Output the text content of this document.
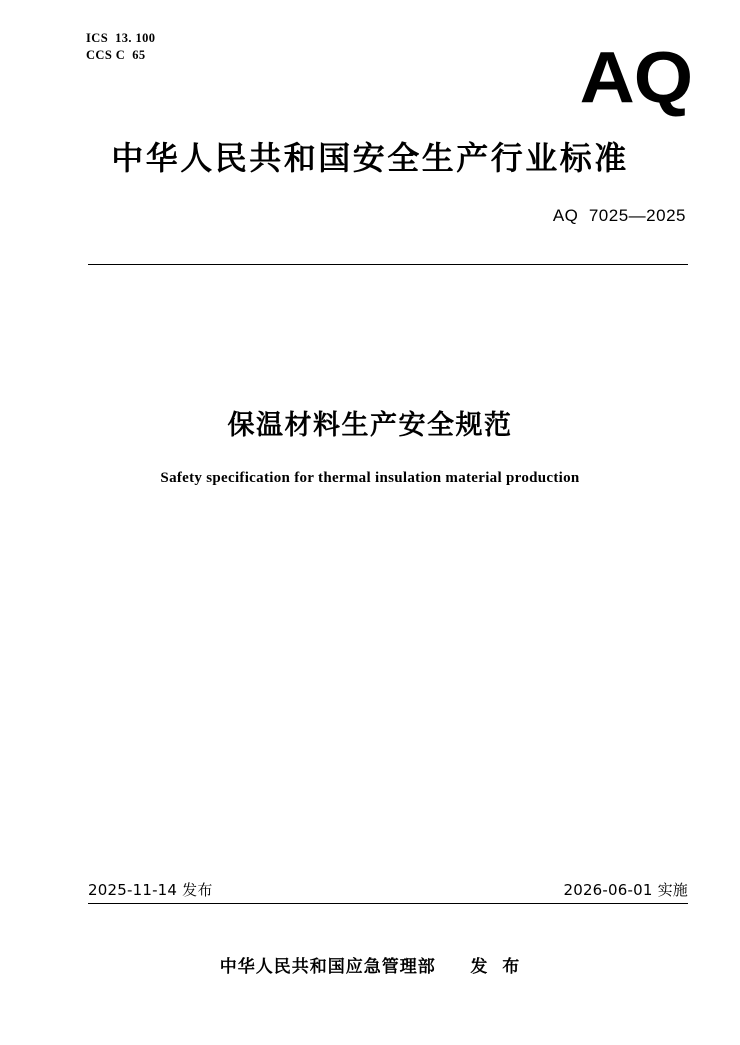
ICS  13. 100
CCS C  65	AQ
中华人民共和国安全生产行业标准
AQ  7025—2025
保温材料生产安全规范
Safety specification for thermal insulation material production
2025-11-14 发布	2026-06-01 实施
中华人民共和国应急管理部     发  布
